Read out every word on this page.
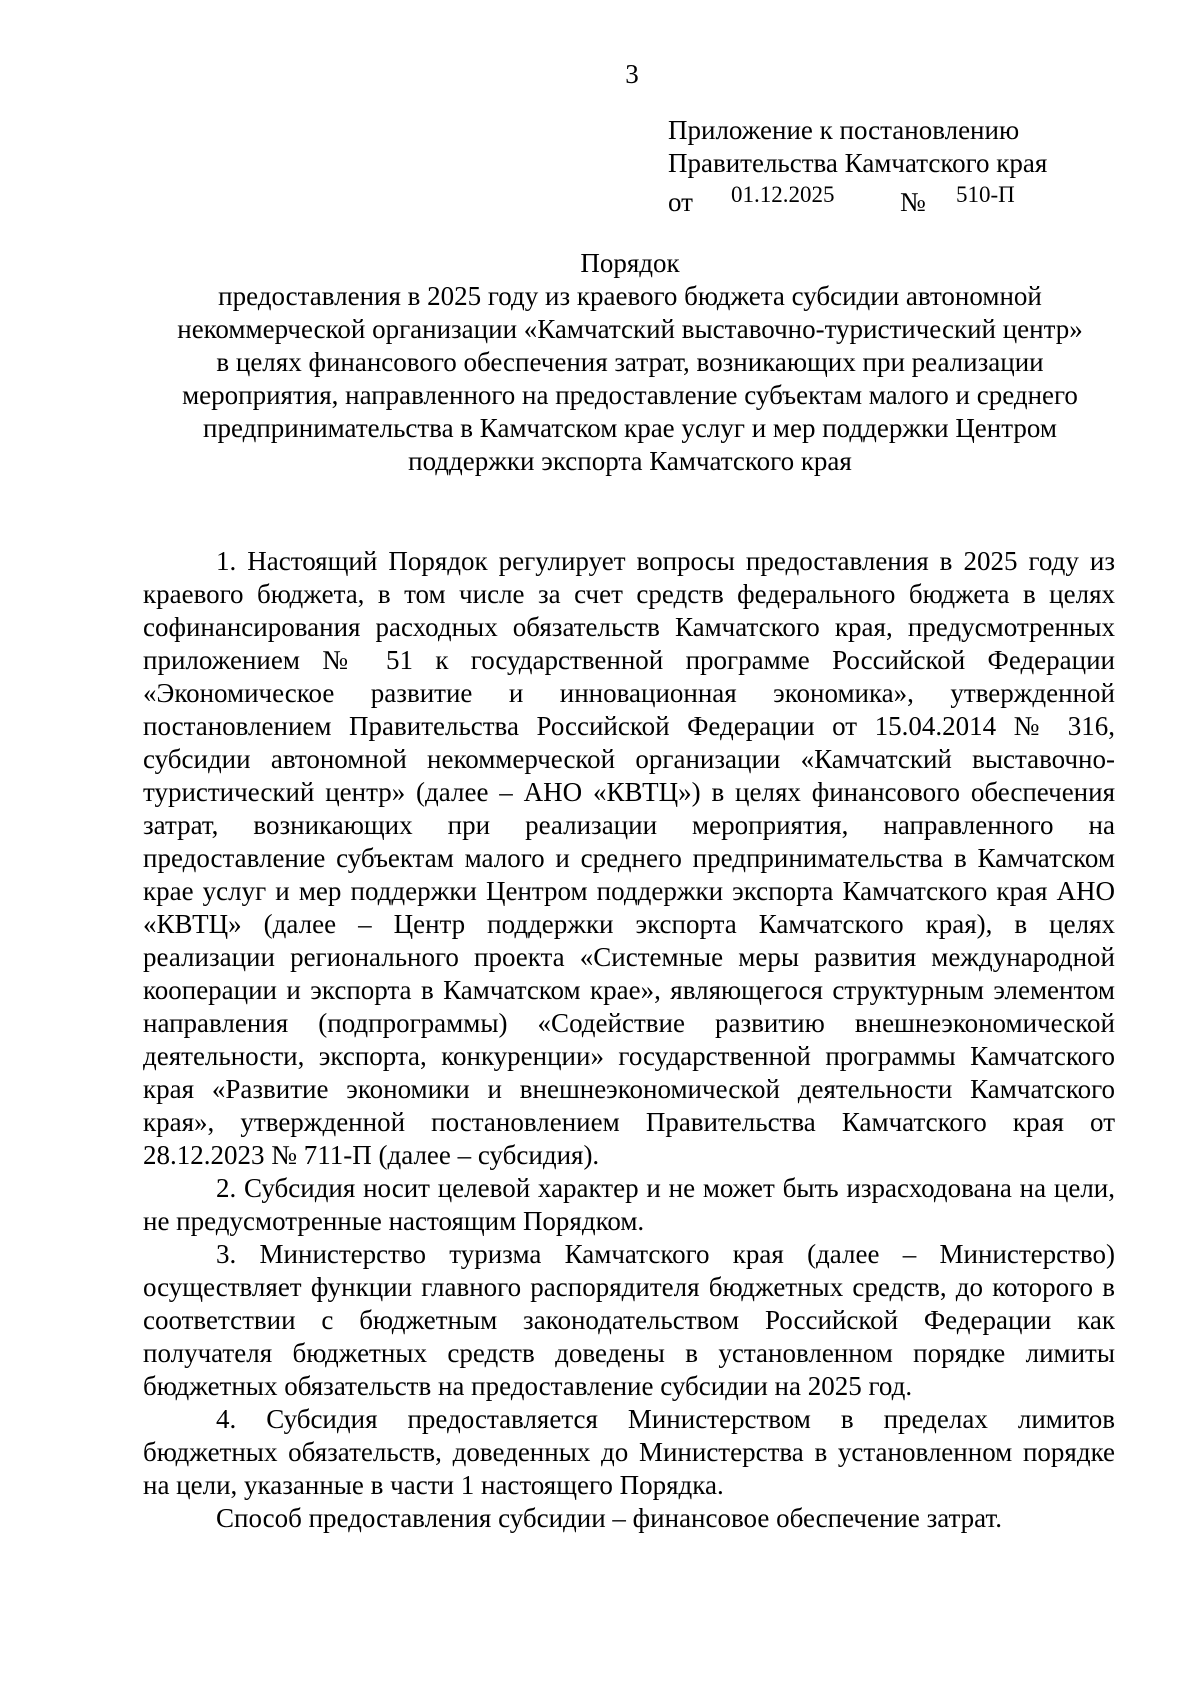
3
Приложение к постановлению
Правительства Камчатского края
от 01.12.2025 № 510-П
Порядок
предоставления в 2025 году из краевого бюджета субсидии автономной
некоммерческой организации «Камчатский выставочно-туристический центр»
в целях финансового обеспечения затрат, возникающих при реализации
мероприятия, направленного на предоставление субъектам малого и среднего
предпринимательства в Камчатском крае услуг и мер поддержки Центром
поддержки экспорта Камчатского края

1. Настоящий Порядок регулирует вопросы предоставления в 2025 году из краевого бюджета, в том числе за счет средств федерального бюджета в целях софинансирования расходных обязательств Камчатского края, предусмотренных приложением № 51 к государственной программе Российской Федерации «Экономическое развитие и инновационная экономика», утвержденной постановлением Правительства Российской Федерации от 15.04.2014 № 316, субсидии автономной некоммерческой организации «Камчатский выставочно-туристический центр» (далее – АНО «КВТЦ») в целях финансового обеспечения затрат, возникающих при реализации мероприятия, направленного на предоставление субъектам малого и среднего предпринимательства в Камчатском крае услуг и мер поддержки Центром поддержки экспорта Камчатского края АНО «КВТЦ» (далее – Центр поддержки экспорта Камчатского края), в целях реализации регионального проекта «Системные меры развития международной кооперации и экспорта в Камчатском крае», являющегося структурным элементом направления (подпрограммы) «Содействие развитию внешнеэкономической деятельности, экспорта, конкуренции» государственной программы Камчатского края «Развитие экономики и внешнеэкономической деятельности Камчатского края», утвержденной постановлением Правительства Камчатского края от 28.12.2023 № 711-П (далее – субсидия).

2. Субсидия носит целевой характер и не может быть израсходована на цели, не предусмотренные настоящим Порядком.

3. Министерство туризма Камчатского края (далее – Министерство) осуществляет функции главного распорядителя бюджетных средств, до которого в соответствии с бюджетным законодательством Российской Федерации как получателя бюджетных средств доведены в установленном порядке лимиты бюджетных обязательств на предоставление субсидии на 2025 год.

4. Субсидия предоставляется Министерством в пределах лимитов бюджетных обязательств, доведенных до Министерства в установленном порядке на цели, указанные в части 1 настоящего Порядка.

Способ предоставления субсидии – финансовое обеспечение затрат.
